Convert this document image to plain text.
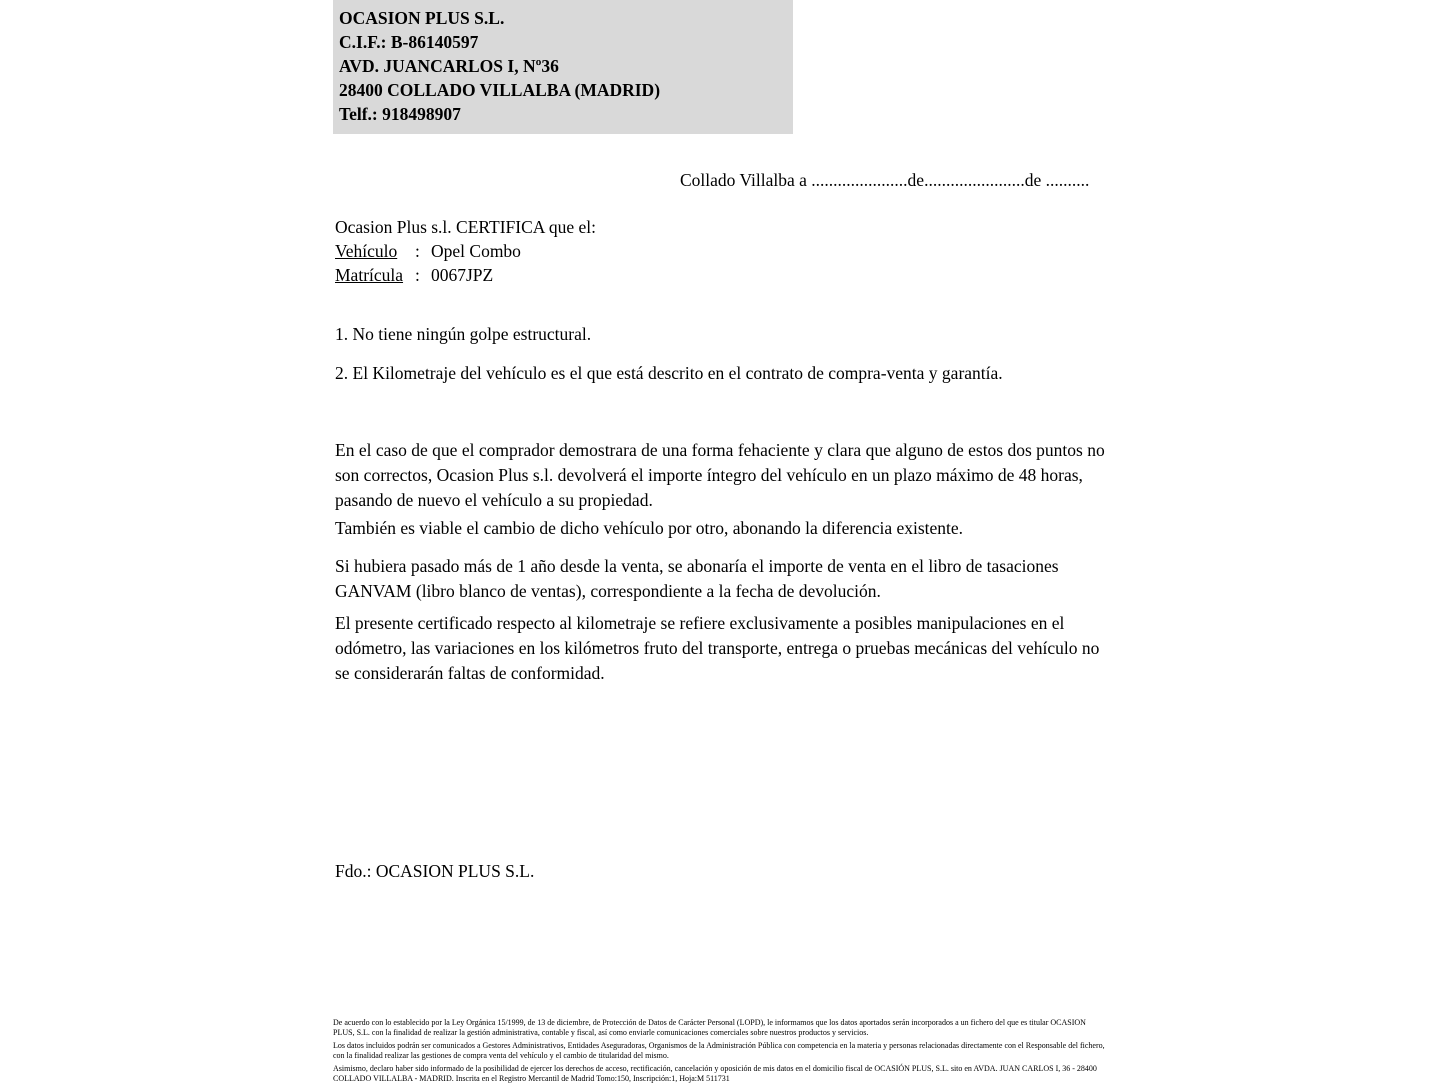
OCASION PLUS S.L.
C.I.F.: B-86140597
AVD. JUANCARLOS I, Nº36
28400 COLLADO VILLALBA (MADRID)
Telf.: 918498907
Collado Villalba a ......................de.......................de ..........
Ocasion Plus s.l. CERTIFICA que el:
Vehículo : Opel Combo
Matrícula : 0067JPZ
1. No tiene ningún golpe estructural.
2. El Kilometraje del vehículo es el que está descrito en el contrato de compra-venta y garantía.
En el caso de que el comprador demostrara de una forma fehaciente y clara que alguno de estos dos puntos no son correctos, Ocasion Plus s.l. devolverá el importe íntegro del vehículo en un plazo máximo de 48 horas, pasando de nuevo el vehículo a su propiedad.
También es viable el cambio de dicho vehículo por otro, abonando la diferencia existente.
Si hubiera pasado más de 1 año desde la venta, se abonaría el importe de venta en el libro de tasaciones GANVAM (libro blanco de ventas), correspondiente a la fecha de devolución.
El presente certificado respecto al kilometraje se refiere exclusivamente a posibles manipulaciones en el odómetro, las variaciones en los kilómetros fruto del transporte, entrega o pruebas mecánicas del vehículo no se considerarán faltas de conformidad.
Fdo.: OCASION PLUS S.L.

De acuerdo con lo establecido por la Ley Orgánica 15/1999, de 13 de diciembre, de Protección de Datos de Carácter Personal (LOPD), le informamos que los datos aportados serán incorporados a un fichero del que es titular OCASION PLUS, S.L. con la finalidad de realizar la gestión administrativa, contable y fiscal, así como enviarle comunicaciones comerciales sobre nuestros productos y servicios.

Los datos incluidos podrán ser comunicados a Gestores Administrativos, Entidades Aseguradoras, Organismos de la Administración Pública con competencia en la materia y personas relacionadas directamente con el Responsable del fichero, con la finalidad realizar las gestiones de compra venta del vehículo y el cambio de titularidad del mismo.

Asimismo, declaro haber sido informado de la posibilidad de ejercer los derechos de acceso, rectificación, cancelación y oposición de mis datos en el domicilio fiscal de OCASIÓN PLUS, S.L. sito en AVDA. JUAN CARLOS I, 36 - 28400 COLLADO VILLALBA - MADRID. Inscrita en el Registro Mercantil de Madrid Tomo:150, Inscripción:1, Hoja:M 511731
